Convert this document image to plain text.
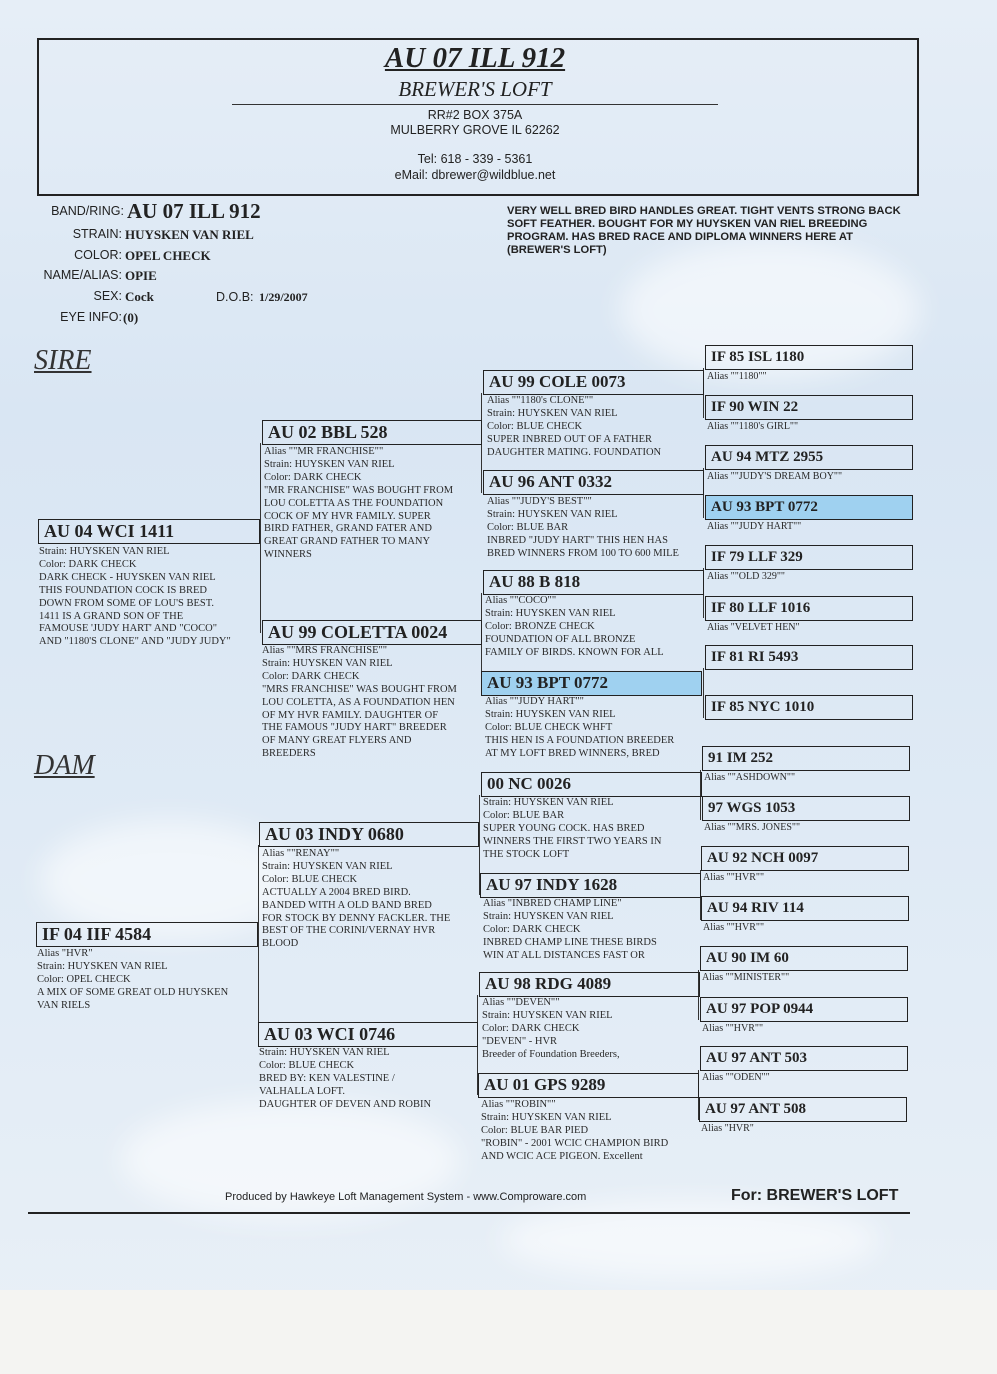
AU 07 ILL 912
BREWER'S LOFT
RR#2 BOX 375A
MULBERRY GROVE IL 62262
Tel: 618 - 339 - 5361
eMail: dbrewer@wildblue.net
BAND/RING: AU 07 ILL 912
STRAIN: HUYSKEN VAN RIEL
COLOR: OPEL CHECK
NAME/ALIAS: OPIE
SEX: Cock	D.O.B: 1/29/2007
EYE INFO: (0)
VERY WELL BRED BIRD HANDLES GREAT. TIGHT VENTS STRONG BACK SOFT FEATHER. BOUGHT FOR MY HUYSKEN VAN RIEL BREEDING PROGRAM. HAS BRED RACE AND DIPLOMA WINNERS HERE AT (BREWER'S LOFT)
SIRE
DAM
AU 04 WCI 1411
Strain: HUYSKEN VAN RIEL
Color: DARK CHECK
DARK CHECK - HUYSKEN VAN RIEL
THIS FOUNDATION COCK IS BRED
DOWN FROM SOME OF LOU'S BEST.
1411 IS A GRAND SON OF THE
FAMOUSE 'JUDY HART' AND "COCO"
AND "1180'S CLONE" AND "JUDY JUDY"
IF 04 IIF 4584
Alias "HVR"
Strain: HUYSKEN VAN RIEL
Color: OPEL CHECK
A MIX OF SOME GREAT OLD HUYSKEN
VAN RIELS
AU 02 BBL 528
Alias ""MR FRANCHISE""
Strain: HUYSKEN VAN RIEL
Color: DARK CHECK
"MR FRANCHISE" WAS BOUGHT FROM
LOU COLETTA AS THE FOUNDATION
COCK OF MY HVR FAMILY. SUPER
BIRD FATHER, GRAND FATER AND
GREAT GRAND FATHER TO MANY
WINNERS
AU 99 COLETTA 0024
Alias ""MRS FRANCHISE""
Strain: HUYSKEN VAN RIEL
Color: DARK CHECK
"MRS FRANCHISE" WAS BOUGHT FROM
LOU COLETTA, AS A FOUNDATION HEN
OF MY HVR FAMILY. DAUGHTER OF
THE FAMOUS "JUDY HART" BREEDER
OF MANY GREAT FLYERS AND
BREEDERS
AU 03 INDY 0680
Alias ""RENAY""
Strain: HUYSKEN VAN RIEL
Color: BLUE CHECK
ACTUALLY A 2004 BRED BIRD.
BANDED WITH A OLD BAND BRED
FOR STOCK BY DENNY FACKLER. THE
BEST OF THE CORINI/VERNAY HVR
BLOOD
AU 03 WCI 0746
Strain: HUYSKEN VAN RIEL
Color: BLUE CHECK
BRED BY: KEN VALESTINE /
VALHALLA LOFT.
DAUGHTER OF DEVEN AND ROBIN
AU 99 COLE 0073
Alias ""1180's CLONE""
Strain: HUYSKEN VAN RIEL
Color: BLUE CHECK
SUPER INBRED OUT OF A FATHER
DAUGHTER MATING. FOUNDATION
AU 96 ANT 0332
Alias ""JUDY'S BEST""
Strain: HUYSKEN VAN RIEL
Color: BLUE BAR
INBRED "JUDY HART" THIS HEN HAS
BRED WINNERS FROM 100 TO 600 MILE
AU 88 B 818
Alias ""COCO""
Strain: HUYSKEN VAN RIEL
Color: BRONZE CHECK
FOUNDATION OF ALL BRONZE
FAMILY OF BIRDS. KNOWN FOR ALL
AU 93 BPT 0772
Alias ""JUDY HART""
Strain: HUYSKEN VAN RIEL
Color: BLUE CHECK WHFT
THIS HEN IS A FOUNDATION BREEDER
AT MY LOFT BRED WINNERS, BRED
00 NC 0026
Strain: HUYSKEN VAN RIEL
Color: BLUE BAR
SUPER YOUNG COCK. HAS BRED
WINNERS THE FIRST TWO YEARS IN
THE STOCK LOFT
AU 97 INDY 1628
Alias "INBRED CHAMP LINE"
Strain: HUYSKEN VAN RIEL
Color: DARK CHECK
INBRED CHAMP LINE THESE BIRDS
WIN AT ALL DISTANCES FAST OR
AU 98 RDG 4089
Alias ""DEVEN""
Strain: HUYSKEN VAN RIEL
Color: DARK CHECK
"DEVEN" - HVR
Breeder of Foundation Breeders,
AU 01 GPS 9289
Alias ""ROBIN""
Strain: HUYSKEN VAN RIEL
Color: BLUE BAR PIED
"ROBIN" - 2001 WCIC CHAMPION BIRD
AND WCIC ACE PIGEON. Excellent
IF 85 ISL 1180
Alias ""1180""
IF 90 WIN 22
Alias ""1180's GIRL""
AU 94 MTZ 2955
Alias ""JUDY'S DREAM BOY""
AU 93 BPT 0772
Alias ""JUDY HART""
IF 79 LLF 329
Alias ""OLD 329""
IF 80 LLF 1016
Alias "VELVET HEN"
IF 81 RI 5493
IF 85 NYC 1010
91 IM 252
Alias ""ASHDOWN""
97 WGS 1053
Alias ""MRS. JONES""
AU 92 NCH 0097
Alias ""HVR""
AU 94 RIV 114
Alias ""HVR""
AU 90 IM 60
Alias ""MINISTER""
AU 97 POP 0944
Alias ""HVR""
AU 97 ANT 503
Alias ""ODEN""
AU 97 ANT 508
Alias "HVR"
Produced by Hawkeye Loft Management System - www.Comproware.com	For: BREWER'S LOFT
